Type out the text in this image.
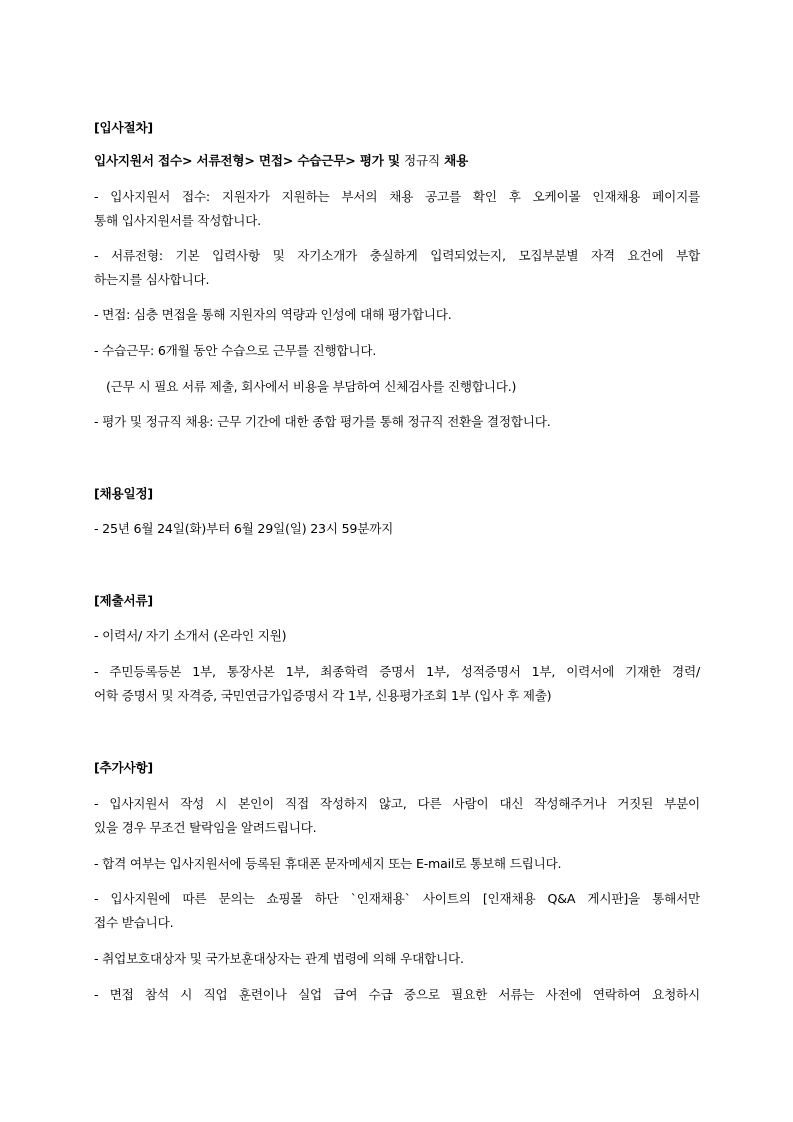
[입사절차]
입사지원서 접수> 서류전형> 면접> 수습근무> 평가 및 정규직 채용
- 입사지원서 접수: 지원자가 지원하는 부서의 채용 공고를 확인 후 오케이몰 인재채용 페이지를
통해 입사지원서를 작성합니다.
- 서류전형: 기본 입력사항 및 자기소개가 충실하게 입력되었는지, 모집부분별 자격 요건에 부합
하는지를 심사합니다.
- 면접: 심층 면접을 통해 지원자의 역량과 인성에 대해 평가합니다.
- 수습근무: 6개월 동안 수습으로 근무를 진행합니다.
(근무 시 필요 서류 제출, 회사에서 비용을 부담하여 신체검사를 진행합니다.)
- 평가 및 정규직 채용: 근무 기간에 대한 종합 평가를 통해 정규직 전환을 결정합니다.
[채용일정]
- 25년 6월 24일(화)부터 6월 29일(일) 23시 59분까지
[제출서류]
- 이력서/ 자기 소개서 (온라인 지원)
- 주민등록등본 1부, 통장사본 1부, 최종학력 증명서 1부, 성적증명서 1부, 이력서에 기재한 경력/
어학 증명서 및 자격증, 국민연금가입증명서 각 1부, 신용평가조회 1부 (입사 후 제출)
[추가사항]
- 입사지원서 작성 시 본인이 직접 작성하지 않고, 다른 사람이 대신 작성해주거나 거짓된 부분이
있을 경우 무조건 탈락임을 알려드립니다.
- 합격 여부는 입사지원서에 등록된 휴대폰 문자메세지 또는 E-mail로 통보해 드립니다.
- 입사지원에 따른 문의는 쇼핑몰 하단 `인재채용` 사이트의 [인재채용 Q&A 게시판]을 통해서만
접수 받습니다.
- 취업보호대상자 및 국가보훈대상자는 관계 법령에 의해 우대합니다.
- 면접 참석 시 직업 훈련이나 실업 급여 수급 중으로 필요한 서류는 사전에 연락하여 요청하시
